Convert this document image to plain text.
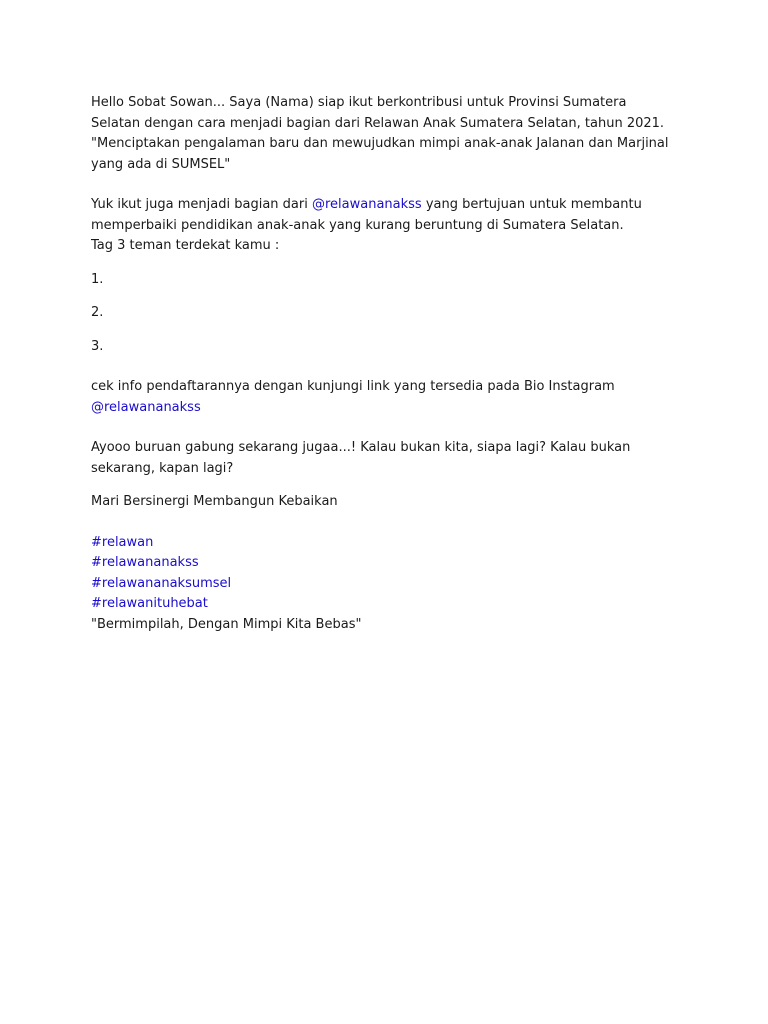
Hello Sobat Sowan... Saya (Nama) siap ikut berkontribusi untuk Provinsi Sumatera Selatan dengan cara menjadi bagian dari Relawan Anak Sumatera Selatan, tahun 2021. "Menciptakan pengalaman baru dan mewujudkan mimpi anak-anak Jalanan dan Marjinal yang ada di SUMSEL"

Yuk ikut juga menjadi bagian dari @relawananakss yang bertujuan untuk membantu memperbaiki pendidikan anak-anak yang kurang beruntung di Sumatera Selatan.

Tag 3 teman terdekat kamu :

1.

2.

3.

cek info pendaftarannya dengan kunjungi link yang tersedia pada Bio Instagram @relawananakss

Ayooo buruan gabung sekarang jugaa...! Kalau bukan kita, siapa lagi? Kalau bukan sekarang, kapan lagi?

Mari Bersinergi Membangun Kebaikan

#relawan

#relawananakss

#relawananaksumsel

#relawanituhebat

"Bermimpilah, Dengan Mimpi Kita Bebas"
